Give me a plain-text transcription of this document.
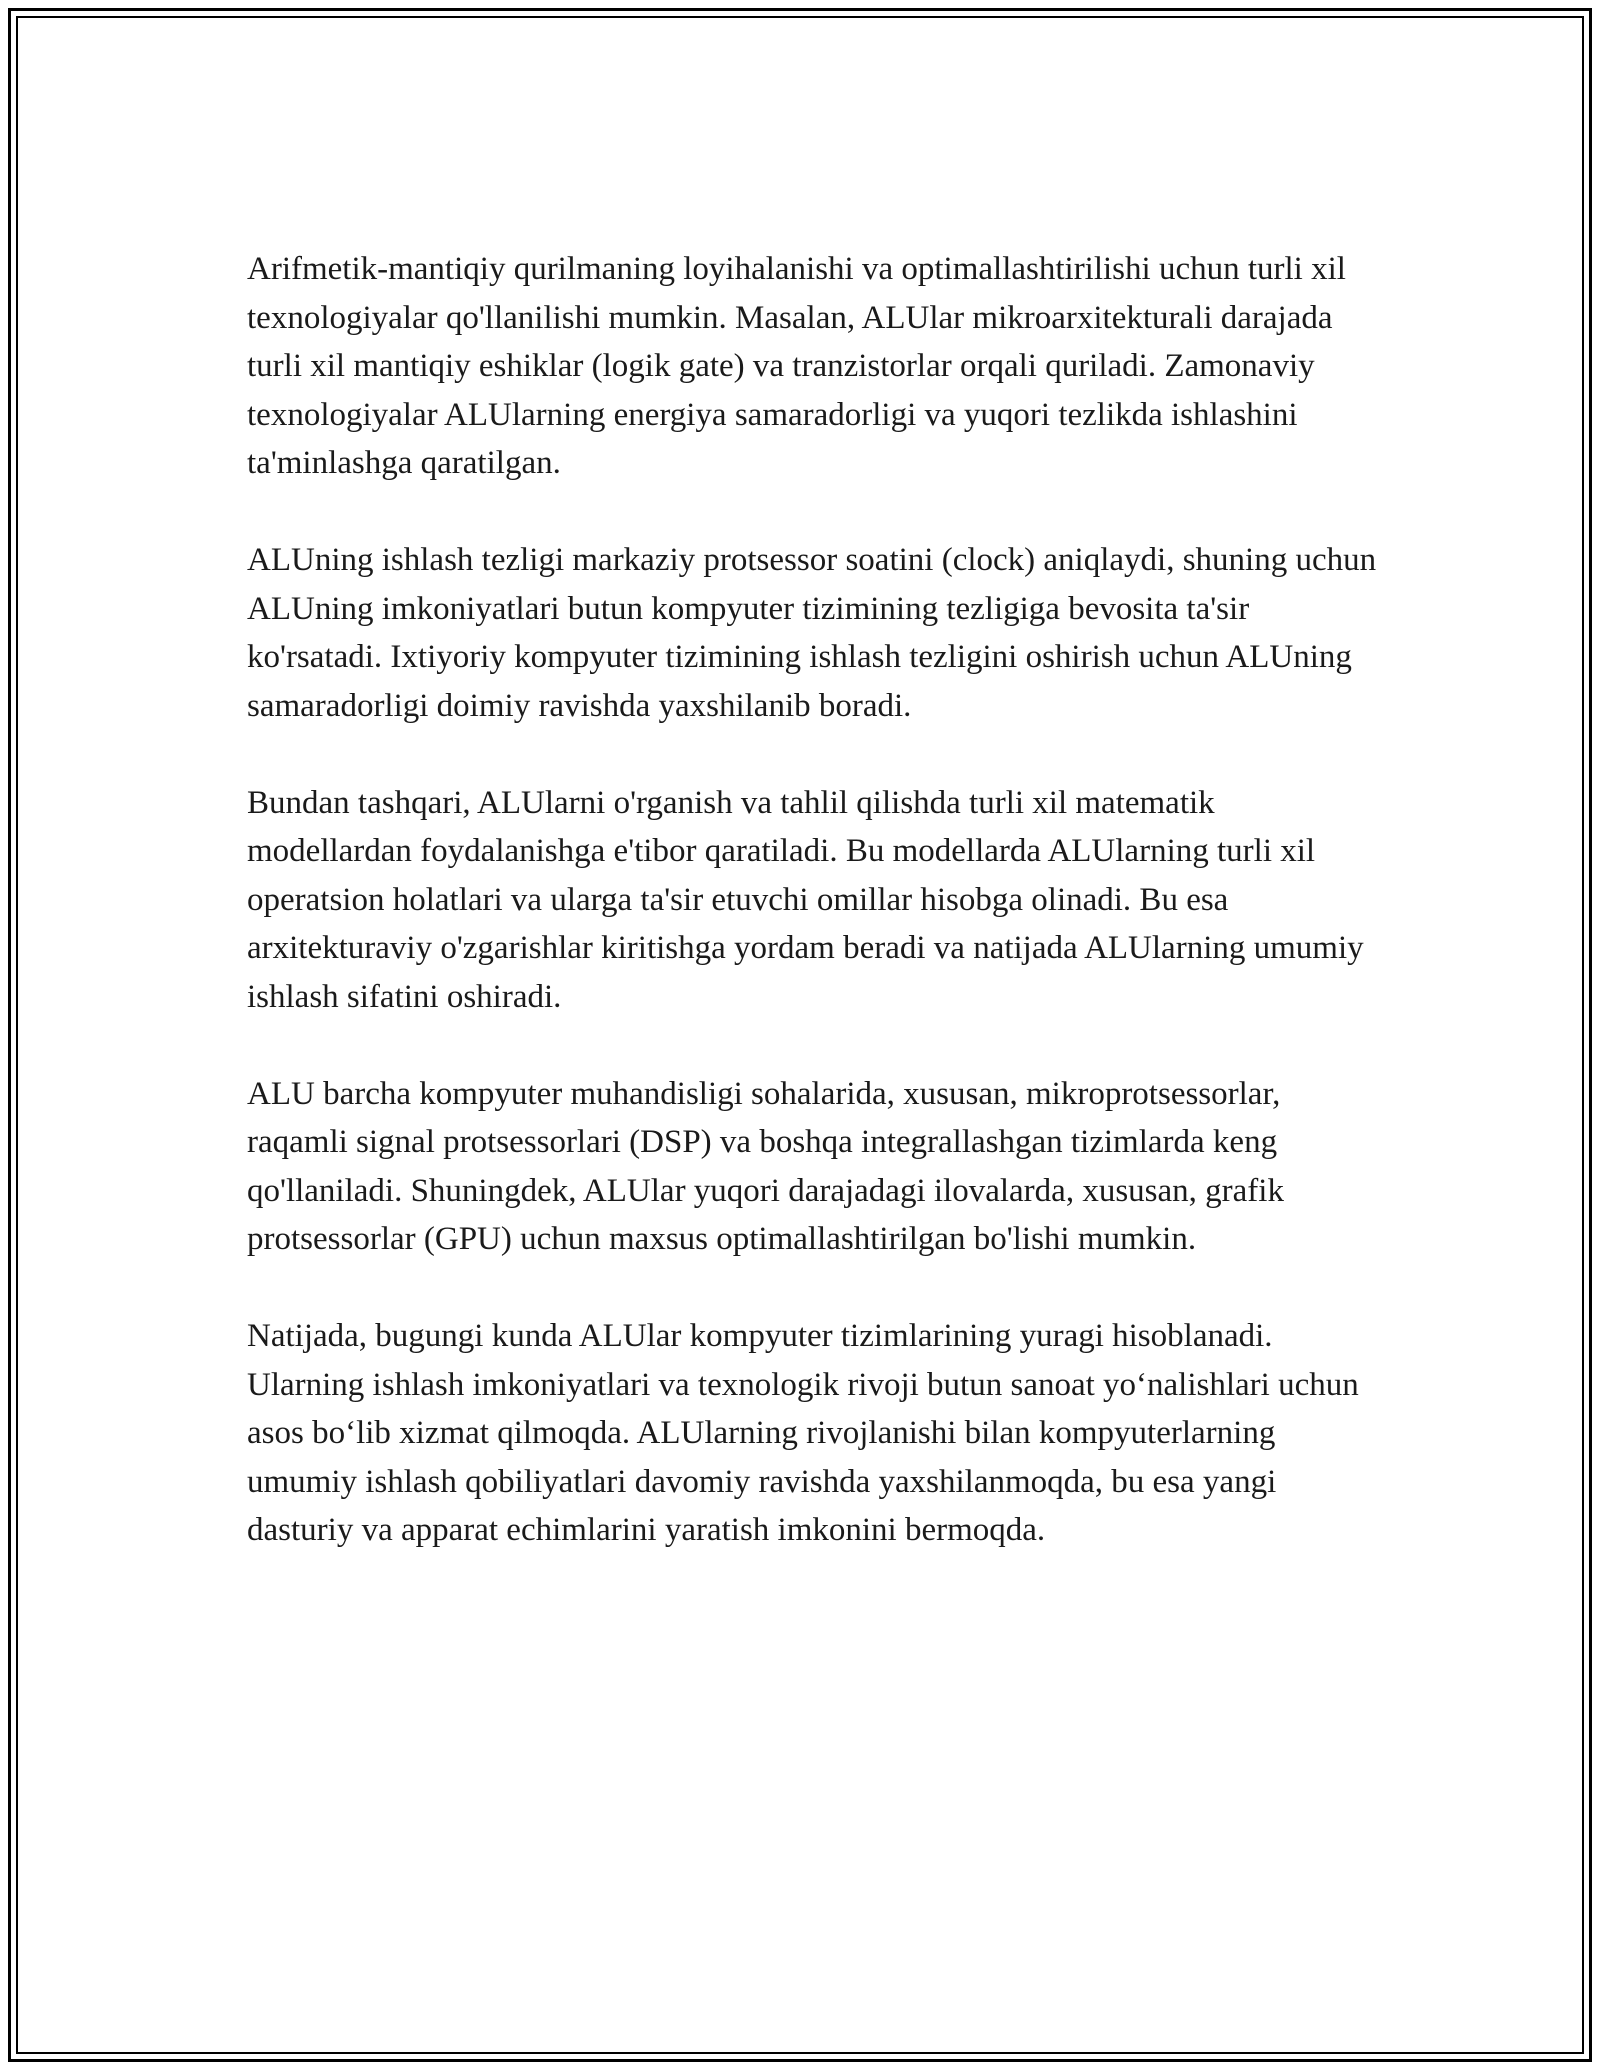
Arifmetik-mantiqiy qurilmaning loyihalanishi va optimallashtirilishi uchun turli xil texnologiyalar qo'llanilishi mumkin. Masalan, ALUlar mikroarxitekturali darajada turli xil mantiqiy eshiklar (logik gate) va tranzistorlar orqali quriladi. Zamonaviy texnologiyalar ALUlarning energiya samaradorligi va yuqori tezlikda ishlashini ta'minlashga qaratilgan.

ALUning ishlash tezligi markaziy protsessor soatini (clock) aniqlaydi, shuning uchun ALUning imkoniyatlari butun kompyuter tizimining tezligiga bevosita ta'sir ko'rsatadi. Ixtiyoriy kompyuter tizimining ishlash tezligini oshirish uchun ALUning samaradorligi doimiy ravishda yaxshilanib boradi.

Bundan tashqari, ALUlarni o'rganish va tahlil qilishda turli xil matematik modellardan foydalanishga e'tibor qaratiladi. Bu modellarda ALUlarning turli xil operatsion holatlari va ularga ta'sir etuvchi omillar hisobga olinadi. Bu esa arxitekturaviy o'zgarishlar kiritishga yordam beradi va natijada ALUlarning umumiy ishlash sifatini oshiradi.

ALU barcha kompyuter muhandisligi sohalarida, xususan, mikroprotsessorlar, raqamli signal protsessorlari (DSP) va boshqa integrallashgan tizimlarda keng qo'llaniladi. Shuningdek, ALUlar yuqori darajadagi ilovalarda, xususan, grafik protsessorlar (GPU) uchun maxsus optimallashtirilgan bo'lishi mumkin.

Natijada, bugungi kunda ALUlar kompyuter tizimlarining yuragi hisoblanadi. Ularning ishlash imkoniyatlari va texnologik rivoji butun sanoat yo‘nalishlari uchun asos bo‘lib xizmat qilmoqda. ALUlarning rivojlanishi bilan kompyuterlarning umumiy ishlash qobiliyatlari davomiy ravishda yaxshilanmoqda, bu esa yangi dasturiy va apparat echimlarini yaratish imkonini bermoqda.
